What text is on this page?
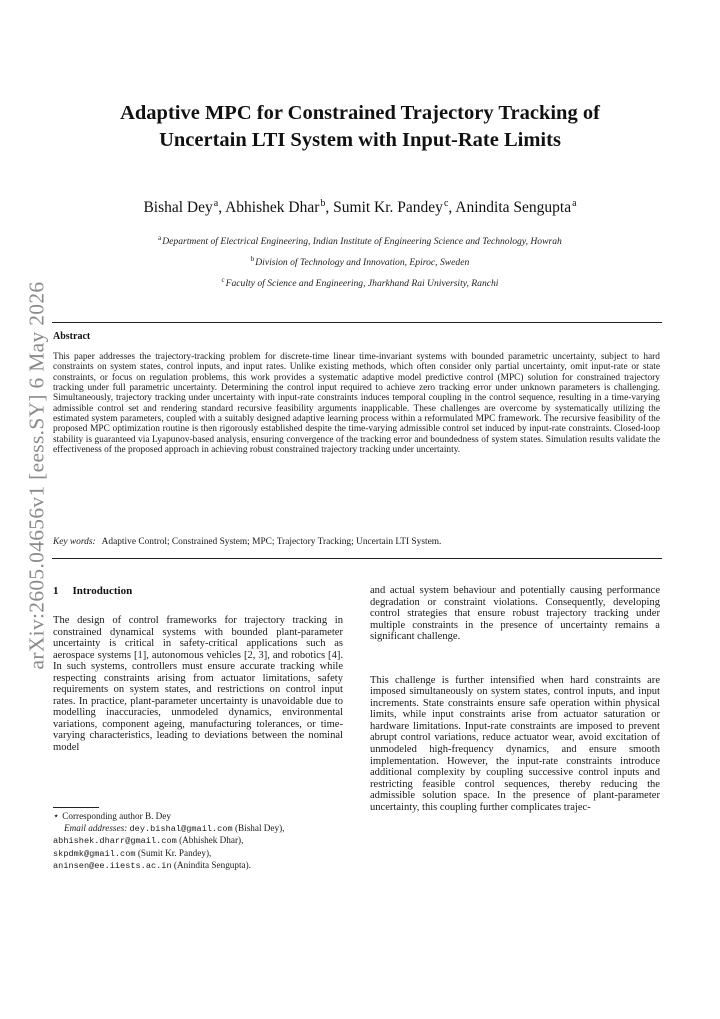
arXiv:2605.04656v1 [eess.SY] 6 May 2026
Adaptive MPC for Constrained Trajectory Tracking of
Uncertain LTI System with Input-Rate Limits
Bishal Dey$^a$, Abhishek Dhar$^b$, Sumit Kr. Pandey$^c$, Anindita Sengupta$^a$
$^a$Department of Electrical Engineering, Indian Institute of Engineering Science and Technology, Howrah
$^b$Division of Technology and Innovation, Epiroc, Sweden
$^c$Faculty of Science and Engineering, Jharkhand Rai University, Ranchi
Abstract

This paper addresses the trajectory-tracking problem for discrete-time linear time-invariant systems with bounded parametric uncertainty, subject to hard constraints on system states, control inputs, and input rates. Unlike existing methods, which often consider only partial uncertainty, omit input-rate or state constraints, or focus on regulation problems, this work provides a systematic adaptive model predictive control (MPC) solution for constrained trajectory tracking under full parametric uncertainty. Determining the control input required to achieve zero tracking error under unknown parameters is challenging. Simultaneously, trajectory tracking under uncertainty with input-rate constraints induces temporal coupling in the control sequence, resulting in a time-varying admissible control set and rendering standard recursive feasibility arguments inapplicable. These challenges are overcome by systematically utilizing the estimated system parameters, coupled with a suitably designed adaptive learning process within a reformulated MPC framework. The recursive feasibility of the proposed MPC optimization routine is then rigorously established despite the time-varying admissible control set induced by input-rate constraints. Closed-loop stability is guaranteed via Lyapunov-based analysis, ensuring convergence of the tracking error and boundedness of system states. Simulation results validate the effectiveness of the proposed approach in achieving robust constrained trajectory tracking under uncertainty.

Key words: Adaptive Control; Constrained System; MPC; Trajectory Tracking; Uncertain LTI System.
1 Introduction

The design of control frameworks for trajectory tracking in constrained dynamical systems with bounded plant-parameter uncertainty is critical in safety-critical applications such as aerospace systems [1], autonomous vehicles [2, 3], and robotics [4]. In such systems, controllers must ensure accurate tracking while respecting constraints arising from actuator limitations, safety requirements on system states, and restrictions on control input rates. In practice, plant-parameter uncertainty is unavoidable due to modelling inaccuracies, unmodeled dynamics, environmental variations, component ageing, manufacturing tolerances, or time-varying characteristics, leading to deviations between the nominal model

and actual system behaviour and potentially causing performance degradation or constraint violations. Consequently, developing control strategies that ensure robust trajectory tracking under multiple constraints in the presence of uncertainty remains a significant challenge.

This challenge is further intensified when hard constraints are imposed simultaneously on system states, control inputs, and input increments. State constraints ensure safe operation within physical limits, while input constraints arise from actuator saturation or hardware limitations. Input-rate constraints are imposed to prevent abrupt control variations, reduce actuator wear, avoid excitation of unmodeled high-frequency dynamics, and ensure smooth implementation. However, the input-rate constraints introduce additional complexity by coupling successive control inputs and restricting feasible control sequences, thereby reducing the admissible solution space. In the presence of plant-parameter uncertainty, this coupling further complicates trajec-

⋆ Corresponding author B. Dey
Email addresses: dey.bishal@gmail.com (Bishal Dey),
abhishek.dharr@gmail.com (Abhishek Dhar),
skpdmk@gmail.com (Sumit Kr. Pandey),
aninsen@ee.iiests.ac.in (Anindita Sengupta).
